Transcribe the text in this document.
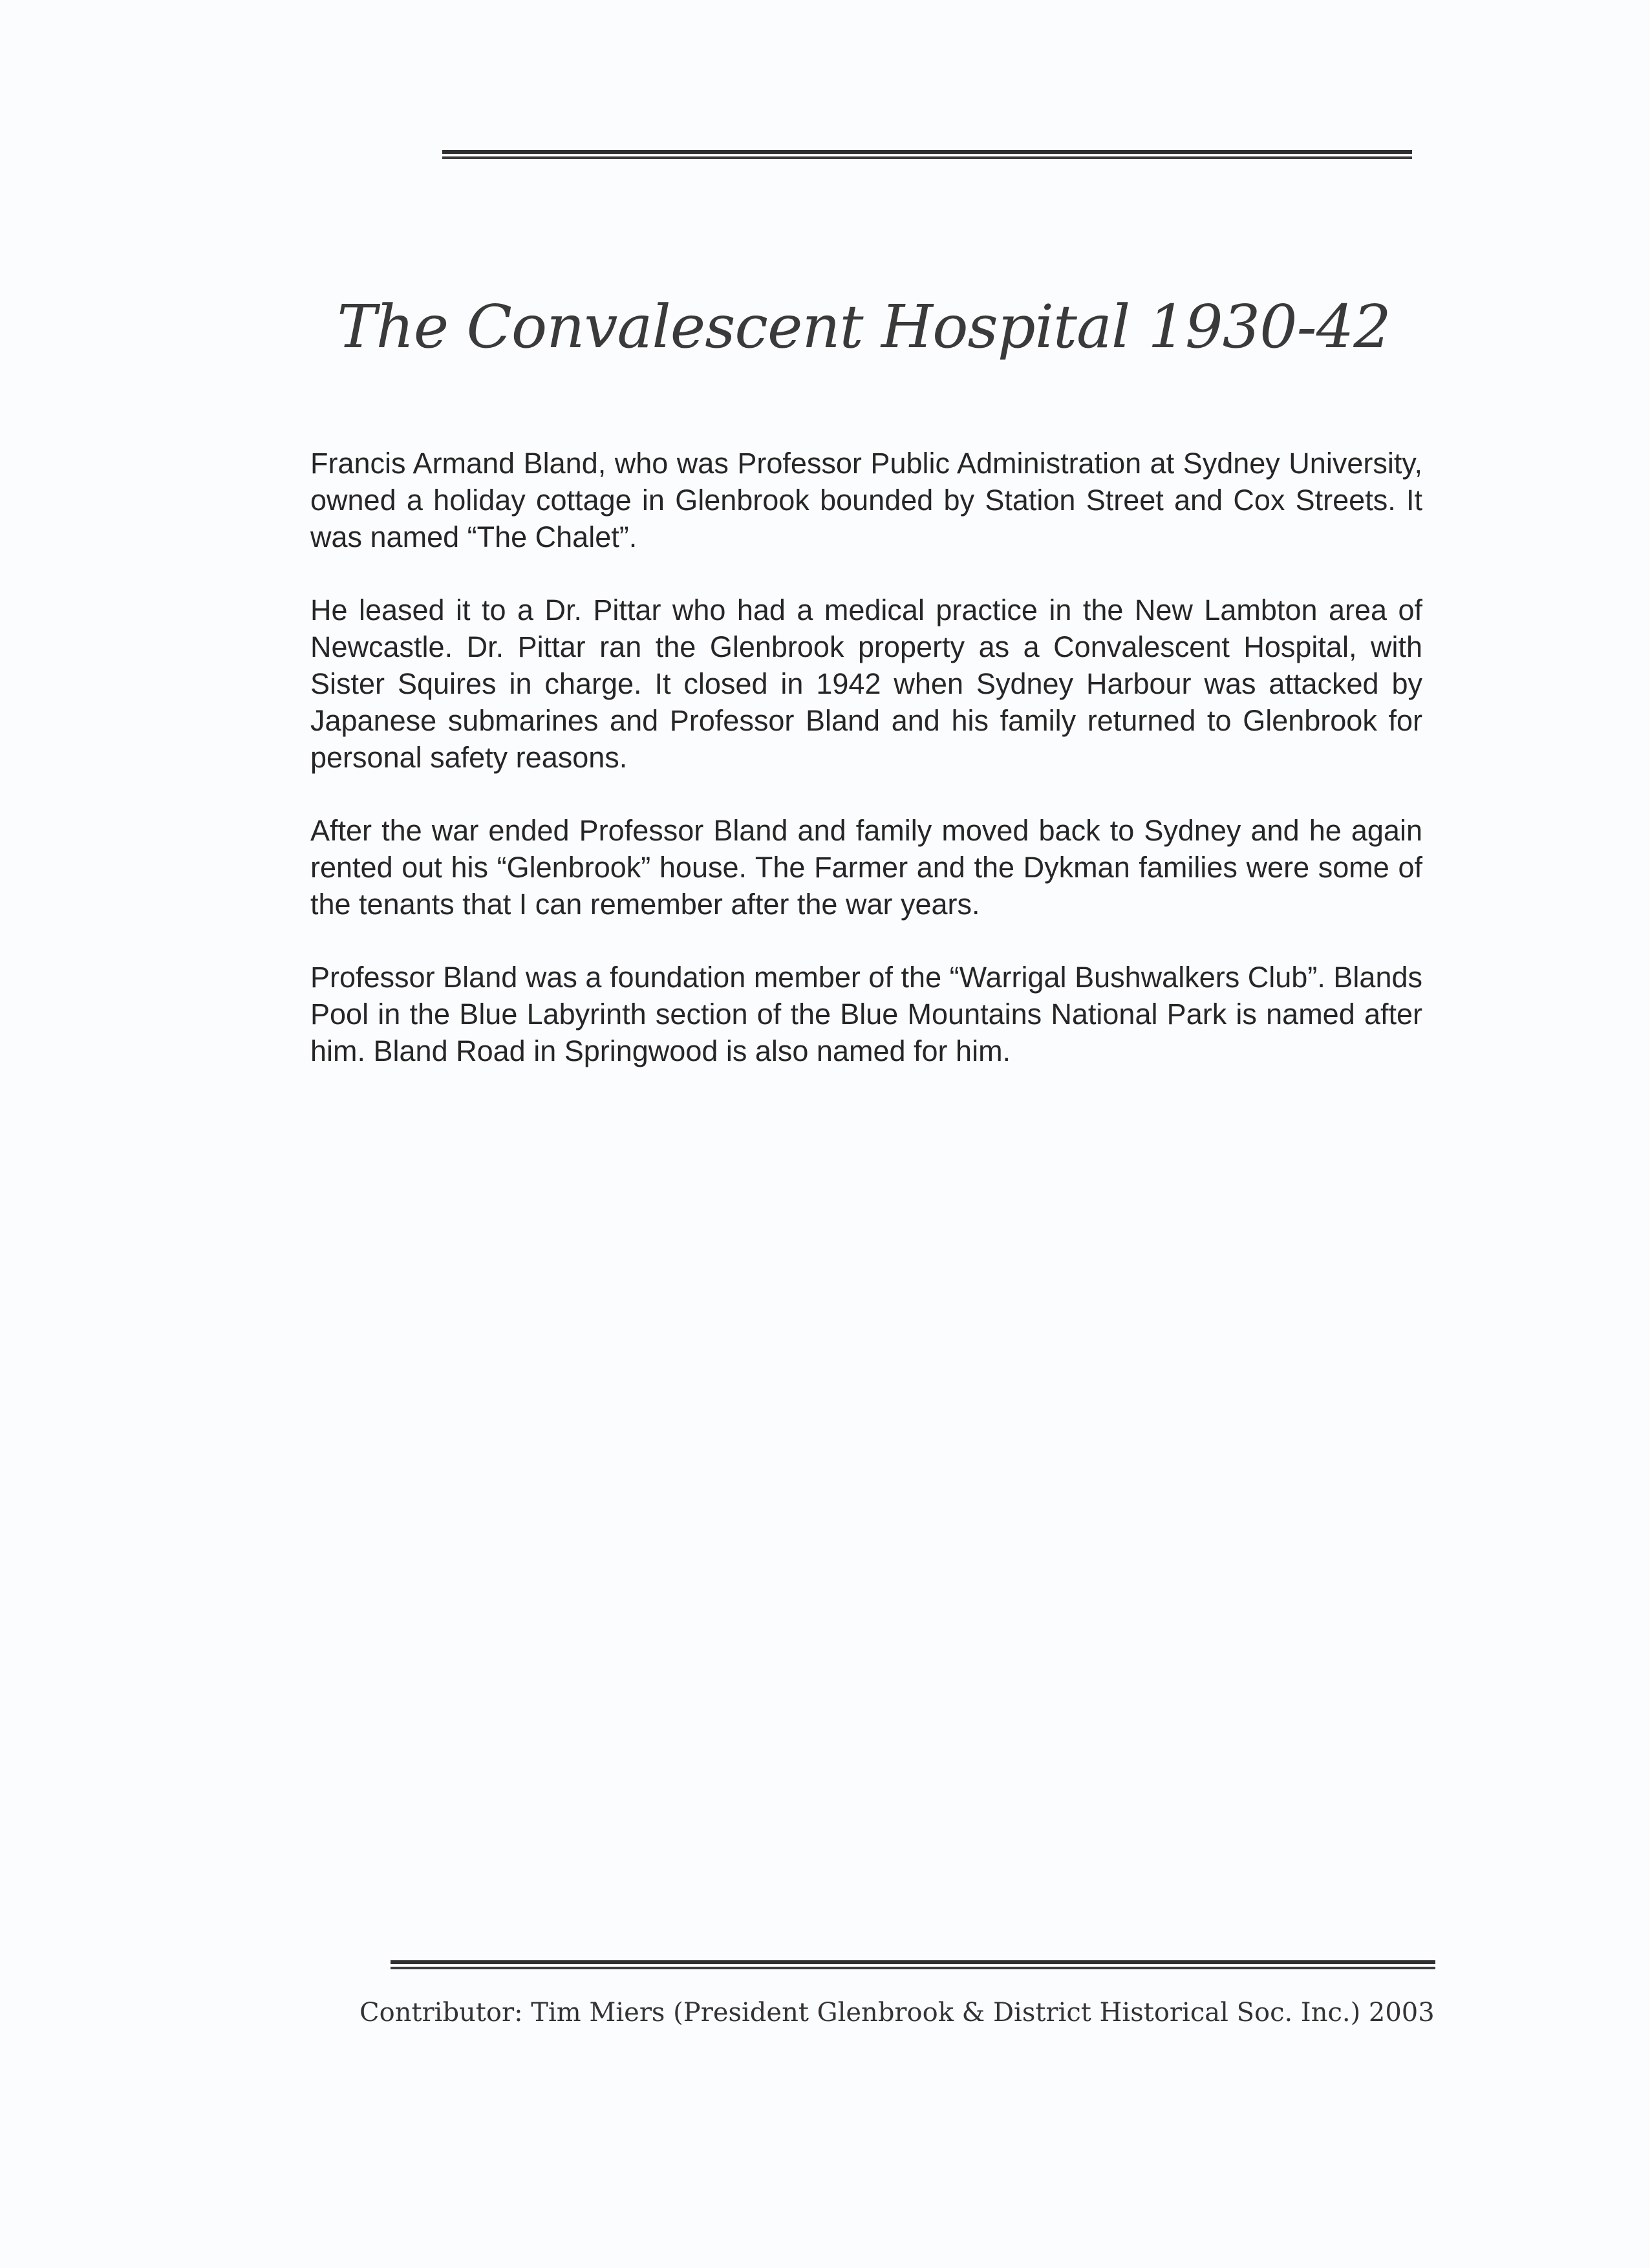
The Convalescent Hospital 1930-42

Francis Armand Bland, who was Professor Public Administration at Sydney University, owned a holiday cottage in Glenbrook bounded by Station Street and Cox Streets. It was named “The Chalet”.

He leased it to a Dr. Pittar who had a medical practice in the New Lambton area of Newcastle. Dr. Pittar ran the Glenbrook property as a Convalescent Hospital, with Sister Squires in charge. It closed in 1942 when Sydney Harbour was attacked by Japanese submarines and Professor Bland and his family returned to Glenbrook for personal safety reasons.

After the war ended Professor Bland and family moved back to Sydney and he again rented out his “Glenbrook” house. The Farmer and the Dykman families were some of the tenants that I can remember after the war years.

Professor Bland was a foundation member of the “Warrigal Bushwalkers Club”. Blands Pool in the Blue Labyrinth section of the Blue Mountains National Park is named after him. Bland Road in Springwood is also named for him.

Contributor: Tim Miers (President Glenbrook & District Historical Soc. Inc.) 2003
